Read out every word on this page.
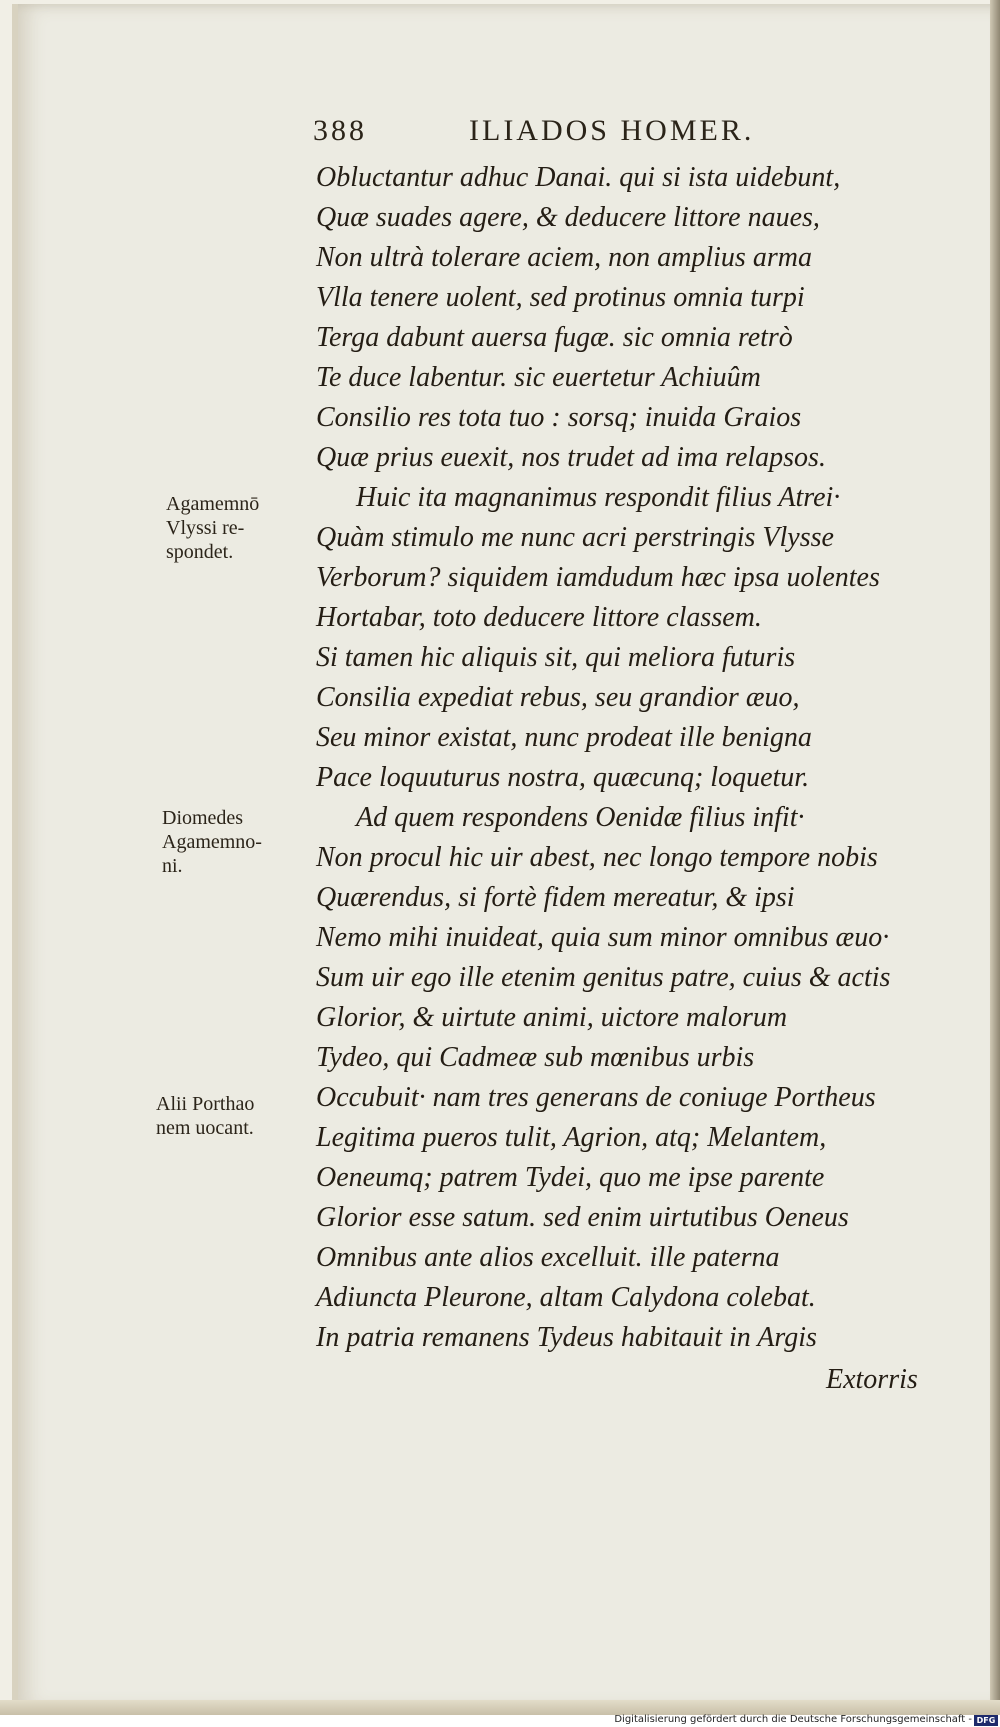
388	ILIADOS HOMER.
Obluctantur adhuc Danai. qui si ista uidebunt,
Quæ suades agere, & deducere littore naues,
Non ultrà tolerare aciem, non amplius arma
Vlla tenere uolent, sed protinus omnia turpi
Terga dabunt auersa fugæ. sic omnia retrò
Te duce labentur. sic euertetur Achiuûm
Consilio res tota tuo : sorsq; inuida Graios
Quæ prius euexit, nos trudet ad ima relapsos.
Huic ita magnanimus respondit filius Atrei·
Quàm stimulo me nunc acri perstringis Vlysse
Verborum? siquidem iamdudum hæc ipsa uolentes
Hortabar, toto deducere littore classem.
Si tamen hic aliquis sit, qui meliora futuris
Consilia expediat rebus, seu grandior æuo,
Seu minor existat, nunc prodeat ille benigna
Pace loquuturus nostra, quæcunq; loquetur.
Ad quem respondens Oenidæ filius infit·
Non procul hic uir abest, nec longo tempore nobis
Quærendus, si fortè fidem mereatur, & ipsi
Nemo mihi inuideat, quia sum minor omnibus æuo·
Sum uir ego ille etenim genitus patre, cuius & actis
Glorior, & uirtute animi, uictore malorum
Tydeo, qui Cadmeæ sub mœnibus urbis
Occubuit· nam tres generans de coniuge Portheus
Legitima pueros tulit, Agrion, atq; Melantem,
Oeneumq; patrem Tydei, quo me ipse parente
Glorior esse satum. sed enim uirtutibus Oeneus
Omnibus ante alios excelluit. ille paterna
Adiuncta Pleurone, altam Calydona colebat.
In patria remanens Tydeus habitauit in Argis
Agamemnō
Vlyssi re-
spondet.
Diomedes
Agamemno-
ni.
Alii Porthao
nem uocant.
Extorris
Digitalisierung gefördert durch die Deutsche Forschungsgemeinschaft - DFG
